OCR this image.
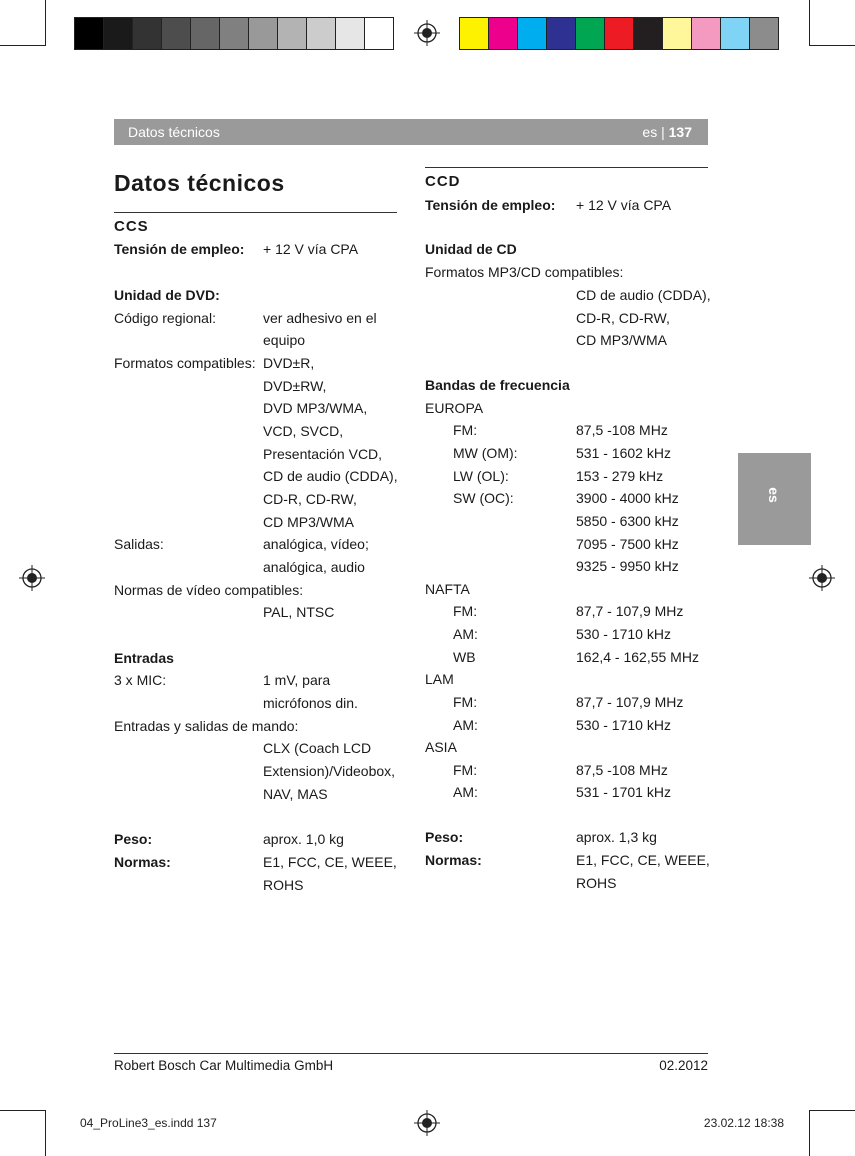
Datos técnicos	es | 137
es
Datos técnicos
CCS
Tensión de empleo: + 12 V vía CPA
Unidad de DVD:
Código regional:	ver adhesivo en el
equipo
Formatos compatibles: DVD±R,
DVD±RW,
DVD MP3/WMA,
VCD, SVCD,
Presentación VCD,
CD de audio (CDDA),
CD-R, CD-RW,
CD MP3/WMA
Salidas:	analógica, vídeo;
analógica, audio
Normas de vídeo compatibles:
PAL, NTSC
Entradas
3 x MIC:	1 mV, para
micrófonos din.
Entradas y salidas de mando:
CLX (Coach LCD
Extension)/Videobox,
NAV, MAS
Peso:	aprox. 1,0 kg
Normas:	E1, FCC, CE, WEEE,
ROHS
CCD
Tensión de empleo: + 12 V vía CPA
Unidad de CD
Formatos MP3/CD compatibles:
CD de audio (CDDA),
CD-R, CD-RW,
CD MP3/WMA
Bandas de frecuencia
EUROPA
FM:	87,5 -108 MHz
MW (OM):	531 - 1602 kHz
LW (OL):	153 - 279 kHz
SW (OC):	3900 - 4000 kHz
5850 - 6300 kHz
7095 - 7500 kHz
9325 - 9950 kHz
NAFTA
FM:	87,7 - 107,9 MHz
AM:	530 - 1710 kHz
WB	162,4 - 162,55 MHz
LAM
FM:	87,7 - 107,9 MHz
AM:	530 - 1710 kHz
ASIA
FM:	87,5 -108 MHz
AM:	531 - 1701 kHz
Peso:	aprox. 1,3 kg
Normas:	E1, FCC, CE, WEEE,
ROHS
Robert Bosch Car Multimedia GmbH	02.2012
04_ProLine3_es.indd 137	23.02.12 18:38
